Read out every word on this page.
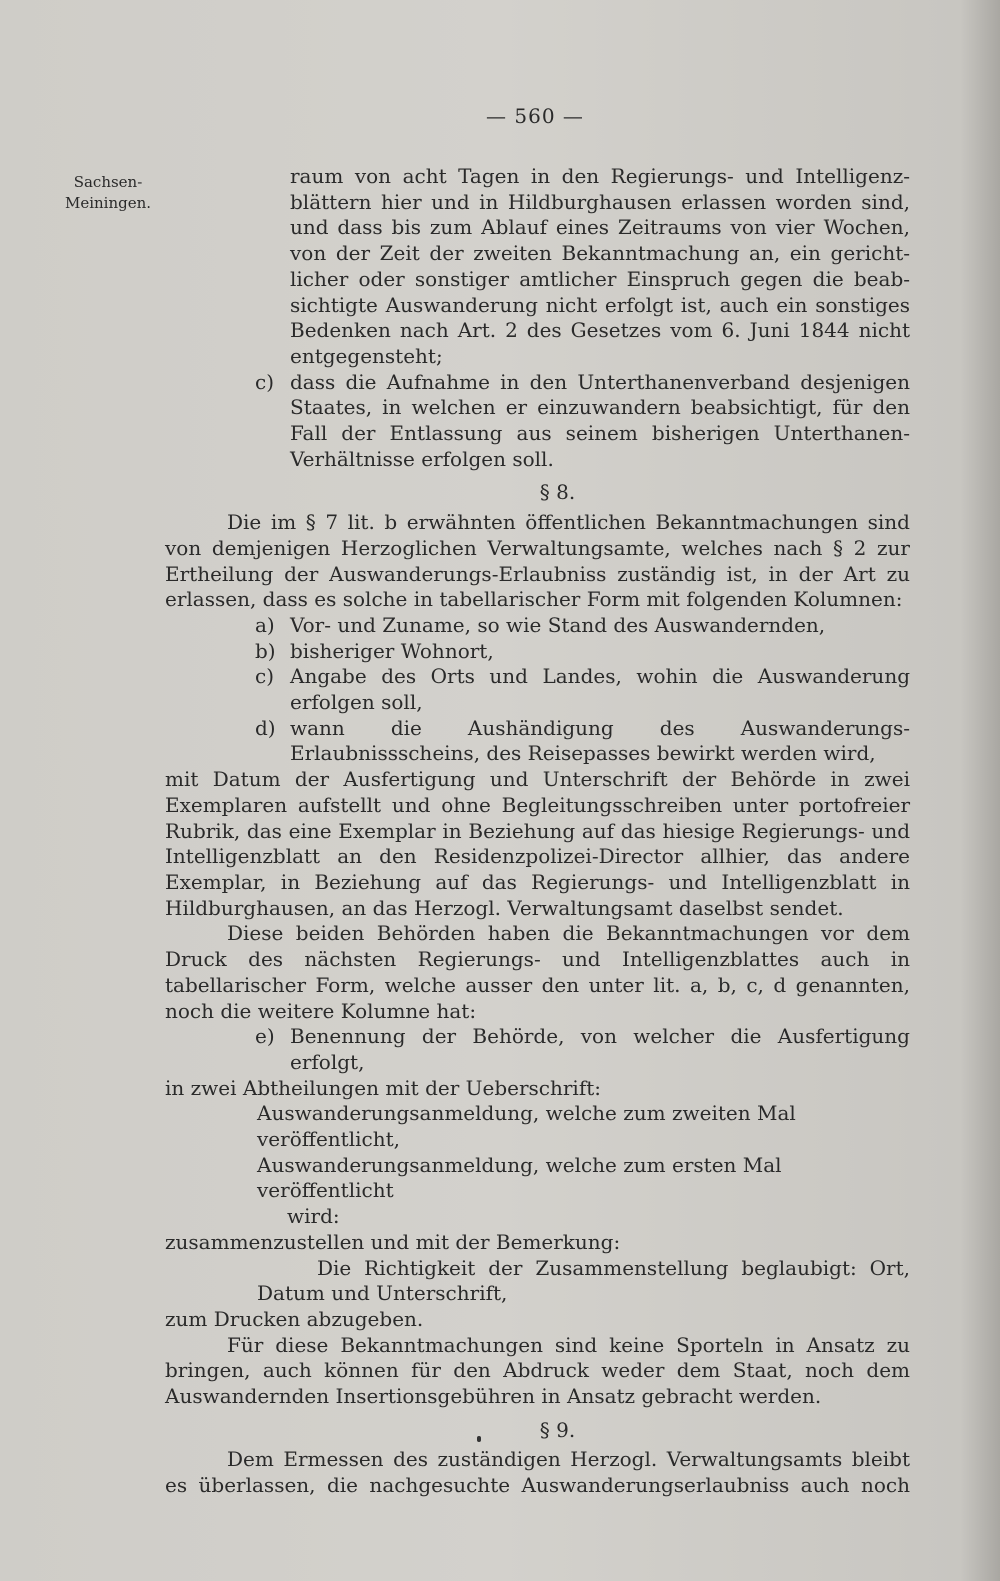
— 560 —
Sachsen-
Meiningen.
raum von acht Tagen in den Regierungs- und Intelligenz-
blättern hier und in Hildburghausen erlassen worden sind,
und dass bis zum Ablauf eines Zeitraums von vier Wochen,
von der Zeit der zweiten Bekanntmachung an, ein gericht-
licher oder sonstiger amtlicher Einspruch gegen die beab-
sichtigte Auswanderung nicht erfolgt ist, auch ein sonstiges
Bedenken nach Art. 2 des Gesetzes vom 6. Juni 1844 nicht
entgegensteht;
c) dass die Aufnahme in den Unterthanenverband desjenigen Staates, in welchen er einzuwandern beabsichtigt, für den Fall der Entlassung aus seinem bisherigen Unterthanen-Verhältnisse erfolgen soll.

§ 8.

Die im § 7 lit. b erwähnten öffentlichen Bekanntmachungen sind von demjenigen Herzoglichen Verwaltungsamte, welches nach § 2 zur Ertheilung der Auswanderungs-Erlaubniss zuständig ist, in der Art zu erlassen, dass es solche in tabellarischer Form mit folgenden Kolumnen:

a) Vor- und Zuname, so wie Stand des Auswandernden,
b) bisheriger Wohnort,
c) Angabe des Orts und Landes, wohin die Auswanderung erfolgen soll,
d) wann die Aushändigung des Auswanderungs-Erlaubnissscheins, des Reisepasses bewirkt werden wird,

mit Datum der Ausfertigung und Unterschrift der Behörde in zwei Exemplaren aufstellt und ohne Begleitungsschreiben unter portofreier Rubrik, das eine Exemplar in Beziehung auf das hiesige Regierungs- und Intelligenzblatt an den Residenzpolizei-Director allhier, das andere Exemplar, in Beziehung auf das Regierungs- und Intelligenzblatt in Hildburghausen, an das Herzogl. Verwaltungsamt daselbst sendet.

Diese beiden Behörden haben die Bekanntmachungen vor dem Druck des nächsten Regierungs- und Intelligenzblattes auch in tabellarischer Form, welche ausser den unter lit. a, b, c, d genannten, noch die weitere Kolumne hat:

e) Benennung der Behörde, von welcher die Ausfertigung erfolgt,

in zwei Abtheilungen mit der Ueberschrift:

Auswanderungsanmeldung, welche zum zweiten Mal veröffentlicht,

Auswanderungsanmeldung, welche zum ersten Mal veröffentlicht

wird:

zusammenzustellen und mit der Bemerkung:

Die Richtigkeit der Zusammenstellung beglaubigt: Ort,

Datum und Unterschrift,

zum Drucken abzugeben.

Für diese Bekanntmachungen sind keine Sporteln in Ansatz zu bringen, auch können für den Abdruck weder dem Staat, noch dem Auswandernden Insertionsgebühren in Ansatz gebracht werden.

§ 9.

Dem Ermessen des zuständigen Herzogl. Verwaltungsamts bleibt es überlassen, die nachgesuchte Auswanderungserlaubniss auch noch
